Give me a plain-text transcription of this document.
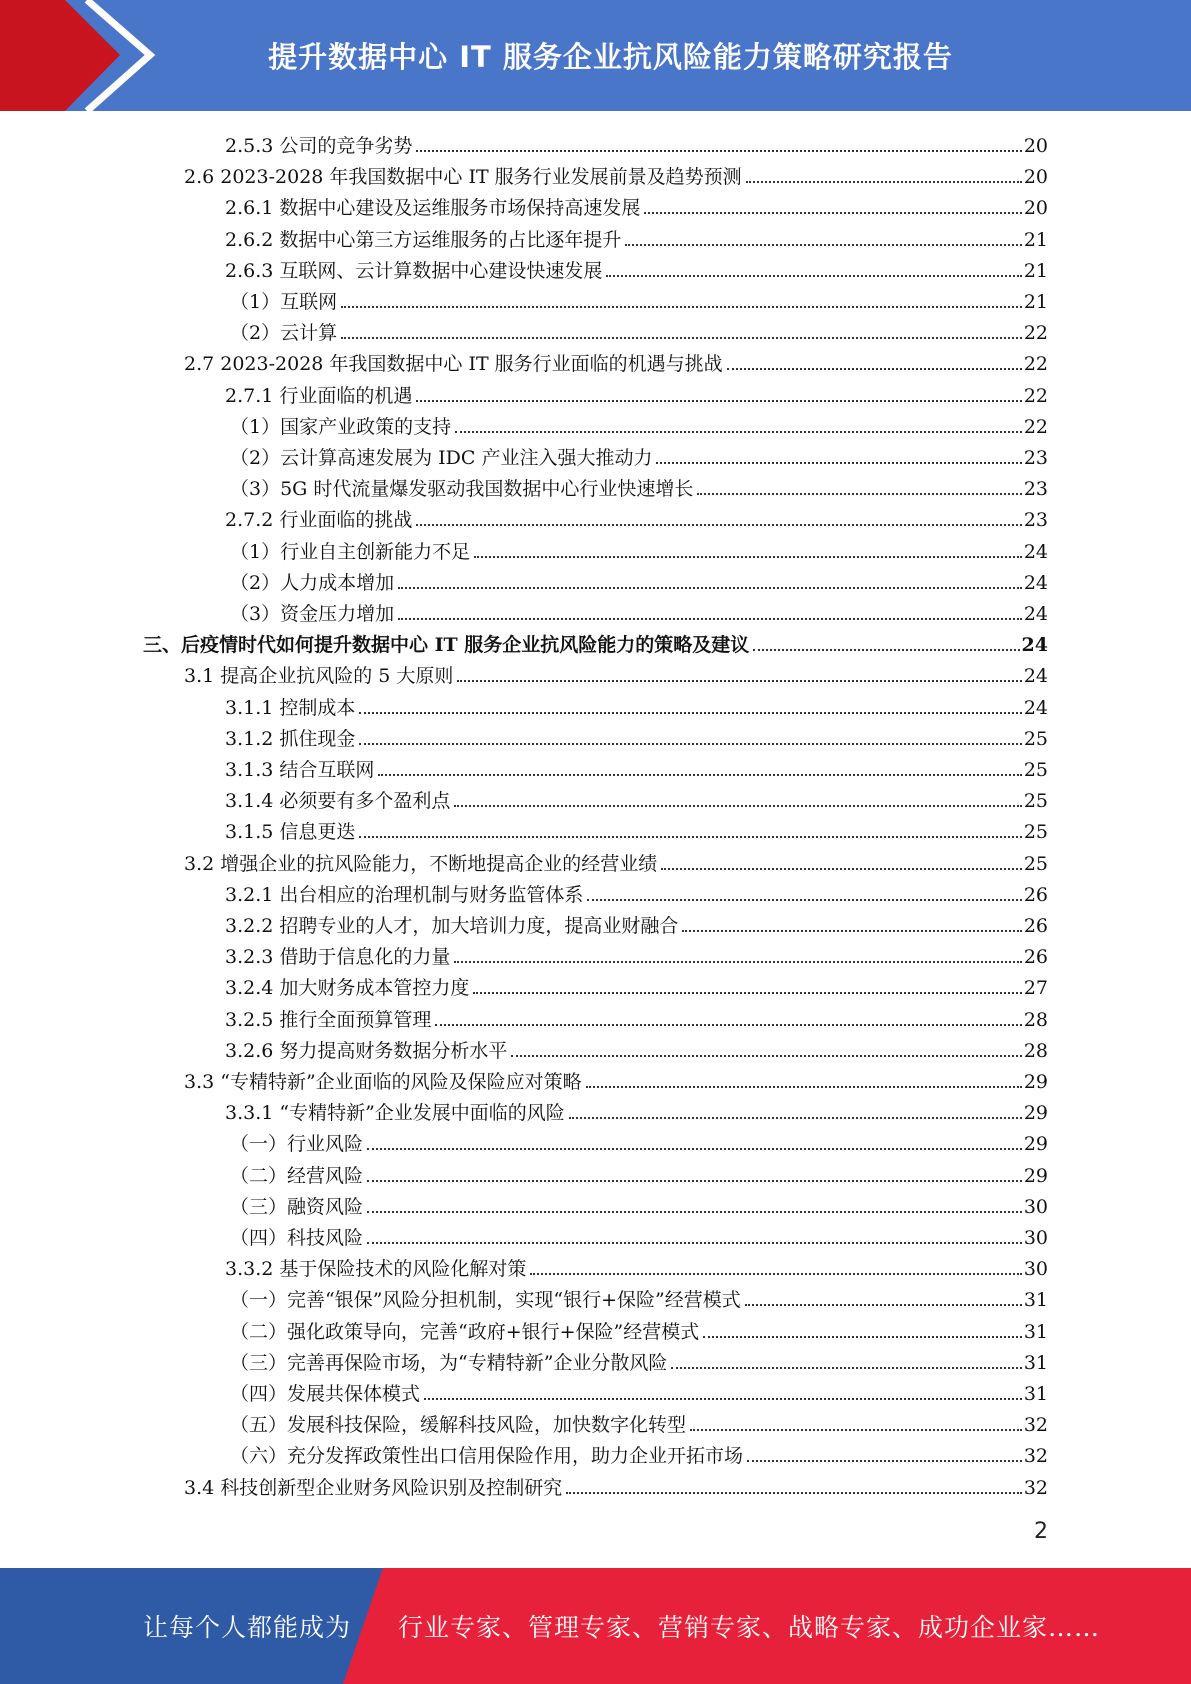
提升数据中心 IT 服务企业抗风险能力策略研究报告
2.5.3 公司的竞争劣势	20
2.6 2023-2028 年我国数据中心 IT 服务行业发展前景及趋势预测	20
2.6.1 数据中心建设及运维服务市场保持高速发展	20
2.6.2 数据中心第三方运维服务的占比逐年提升	21
2.6.3 互联网、云计算数据中心建设快速发展	21
（1）互联网	21
（2）云计算	22
2.7 2023-2028 年我国数据中心 IT 服务行业面临的机遇与挑战	22
2.7.1 行业面临的机遇	22
（1）国家产业政策的支持	22
（2）云计算高速发展为 IDC 产业注入强大推动力	23
（3）5G 时代流量爆发驱动我国数据中心行业快速增长	23
2.7.2 行业面临的挑战	23
（1）行业自主创新能力不足	24
（2）人力成本增加	24
（3）资金压力增加	24
三、后疫情时代如何提升数据中心 IT 服务企业抗风险能力的策略及建议	24
3.1 提高企业抗风险的 5 大原则	24
3.1.1 控制成本	24
3.1.2 抓住现金	25
3.1.3 结合互联网	25
3.1.4 必须要有多个盈利点	25
3.1.5 信息更迭	25
3.2 增强企业的抗风险能力，不断地提高企业的经营业绩	25
3.2.1 出台相应的治理机制与财务监管体系	26
3.2.2 招聘专业的人才，加大培训力度，提高业财融合	26
3.2.3 借助于信息化的力量	26
3.2.4 加大财务成本管控力度	27
3.2.5 推行全面预算管理	28
3.2.6 努力提高财务数据分析水平	28
3.3 “专精特新”企业面临的风险及保险应对策略	29
3.3.1 “专精特新”企业发展中面临的风险	29
（一）行业风险	29
（二）经营风险	29
（三）融资风险	30
（四）科技风险	30
3.3.2 基于保险技术的风险化解对策	30
（一）完善“银保”风险分担机制，实现“银行+保险”经营模式	31
（二）强化政策导向，完善“政府+银行+保险”经营模式	31
（三）完善再保险市场，为“专精特新”企业分散风险	31
（四）发展共保体模式	31
（五）发展科技保险，缓解科技风险，加快数字化转型	32
（六）充分发挥政策性出口信用保险作用，助力企业开拓市场	32
3.4 科技创新型企业财务风险识别及控制研究	32
2
让每个人都能成为 行业专家、管理专家、营销专家、战略专家、成功企业家……
